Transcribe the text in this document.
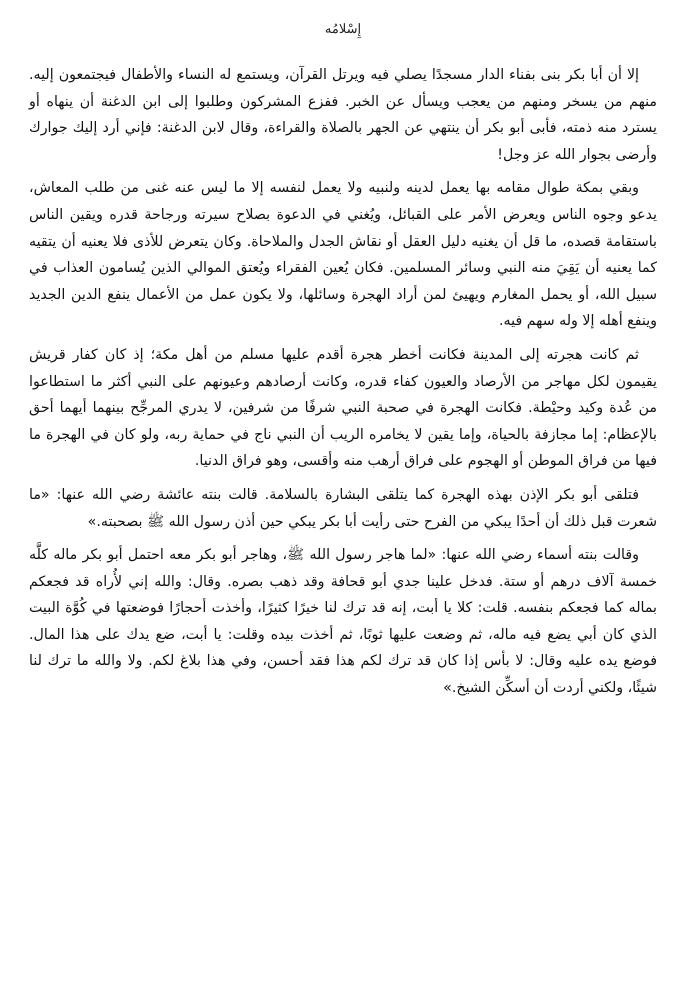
إِسْلامُه

إلا أن أبا بكر بنى بفناء الدار مسجدًا يصلي فيه ويرتل القرآن، ويستمع له النساء والأطفال فيجتمعون إليه. منهم من يسخر ومنهم من يعجب ويسأل عن الخبر. ففزع المشركون وطلبوا إلى ابن الدغنة أن ينهاه أو يسترد منه ذمته، فأبى أبو بكر أن ينتهي عن الجهر بالصلاة والقراءة، وقال لابن الدغنة: فإني أرد إليك جوارك وأرضى بجوار الله عز وجل!

وبقي بمكة طوال مقامه بها يعمل لدينه ولنبيه ولا يعمل لنفسه إلا ما ليس عنه غنى من طلب المعاش، يدعو وجوه الناس ويعرض الأمر على القبائل، ويُغني في الدعوة بصلاح سيرته ورجاحة قدره ويقين الناس باستقامة قصده، ما قل أن يغنيه دليل العقل أو نقاش الجدل والملاحاة. وكان يتعرض للأذى فلا يعنيه أن يتقيه كما يعنيه أن يَقِيَ منه النبي وسائر المسلمين. فكان يُعين الفقراء ويُعتق الموالي الذين يُسامون العذاب في سبيل الله، أو يحمل المغارم ويهيئ لمن أراد الهجرة وسائلها، ولا يكون عمل من الأعمال ينفع الدين الجديد وينفع أهله إلا وله سهم فيه.

ثم كانت هجرته إلى المدينة فكانت أخطر هجرة أقدم عليها مسلم من أهل مكة؛ إذ كان كفار قريش يقيمون لكل مهاجر من الأرصاد والعيون كفاء قدره، وكانت أرصادهم وعيونهم على النبي أكثر ما استطاعوا من عُدة وكيد وحيْطة. فكانت الهجرة في صحبة النبي شرفًا من شرفين، لا يدري المرجِّح بينهما أيهما أحق بالإعظام: إما مجازفة بالحياة، وإما يقين لا يخامره الريب أن النبي ناج في حماية ربه، ولو كان في الهجرة ما فيها من فراق الموطن أو الهجوم على فراق أرهب منه وأقسى، وهو فراق الدنيا.

فتلقى أبو بكر الإذن بهذه الهجرة كما يتلقى البشارة بالسلامة. قالت بنته عائشة رضي الله عنها: «ما شعرت قبل ذلك أن أحدًا يبكي من الفرح حتى رأيت أبا بكر يبكي حين أذن رسول الله ﷺ بصحبته.»

وقالت بنته أسماء رضي الله عنها: «لما هاجر رسول الله ﷺ، وهاجر أبو بكر معه احتمل أبو بكر ماله كلَّه خمسة آلاف درهم أو ستة. فدخل علينا جدي أبو قحافة وقد ذهب بصره. وقال: والله إني لأُراه قد فجعكم بماله كما فجعكم بنفسه. قلت: كلا يا أبت، إنه قد ترك لنا خيرًا كثيرًا، وأخذت أحجارًا فوضعتها في كُوَّة البيت الذي كان أبي يضع فيه ماله، ثم وضعت عليها ثوبًا، ثم أخذت بيده وقلت: يا أبت، ضع يدك على هذا المال. فوضع يده عليه وقال: لا بأس إذا كان قد ترك لكم هذا فقد أحسن، وفي هذا بلاغ لكم. ولا والله ما ترك لنا شيئًا، ولكني أردت أن أسكِّن الشيخ.»
